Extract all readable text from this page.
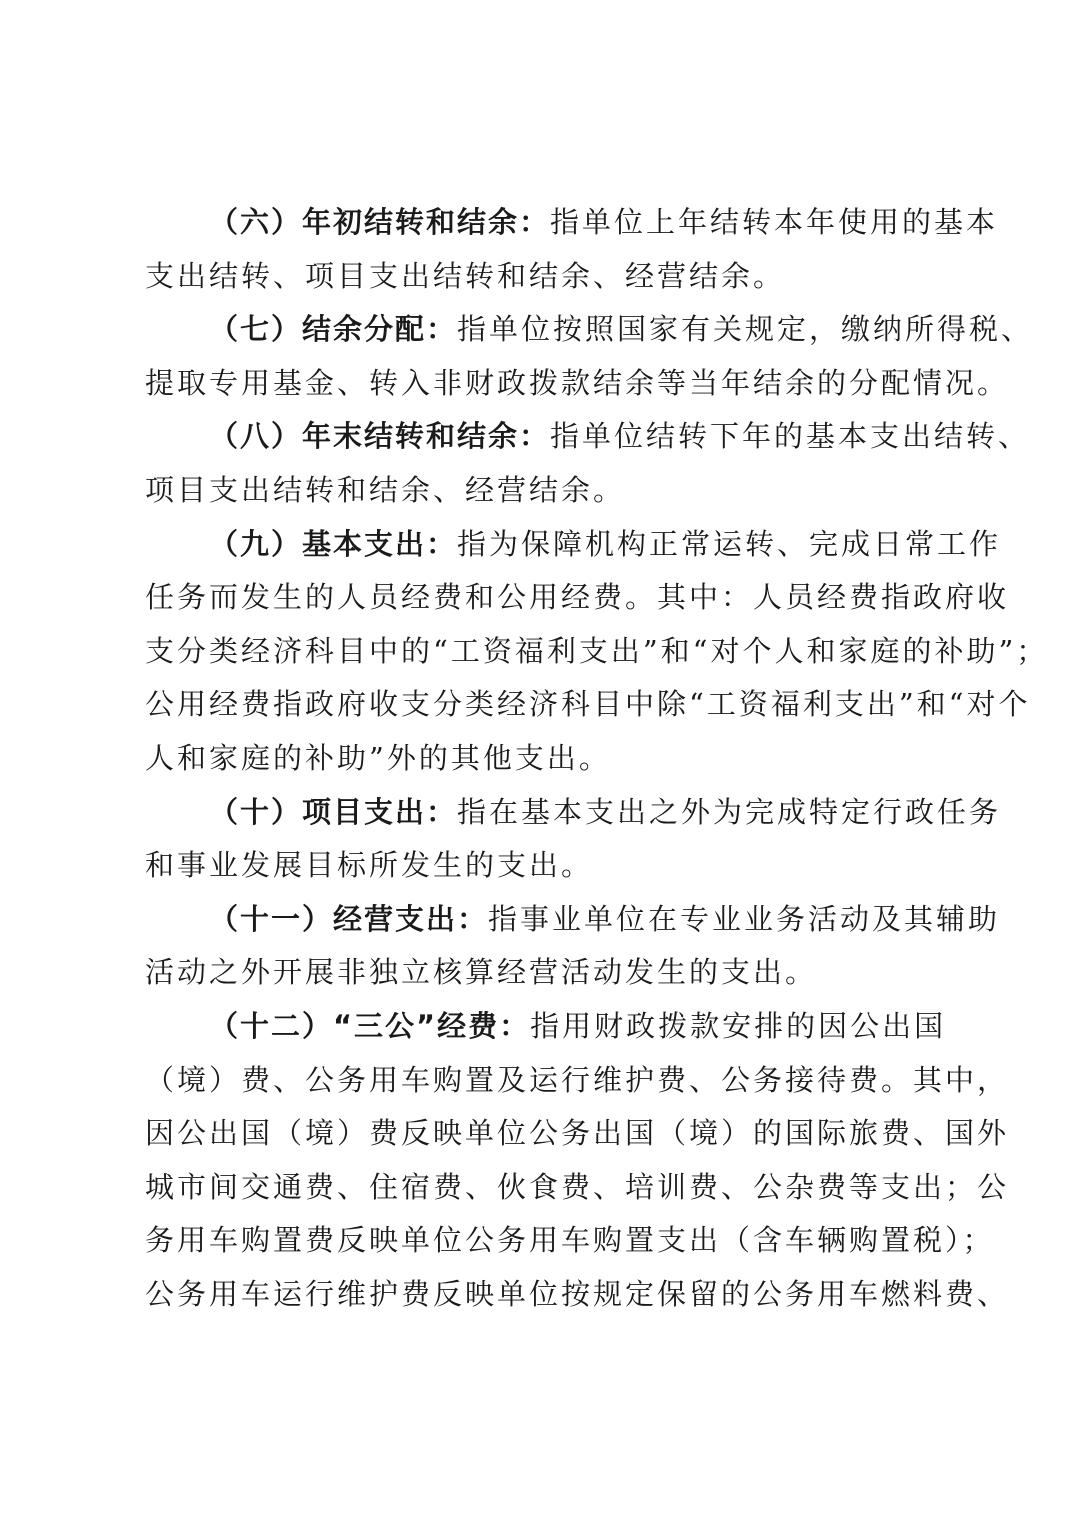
（六）年初结转和结余：指单位上年结转本年使用的基本
支出结转、项目支出结转和结余、经营结余。
（七）结余分配：指单位按照国家有关规定，缴纳所得税、
提取专用基金、转入非财政拨款结余等当年结余的分配情况。
（八）年末结转和结余：指单位结转下年的基本支出结转、
项目支出结转和结余、经营结余。
（九）基本支出：指为保障机构正常运转、完成日常工作
任务而发生的人员经费和公用经费。其中：人员经费指政府收
支分类经济科目中的“工资福利支出”和“对个人和家庭的补助”；
公用经费指政府收支分类经济科目中除“工资福利支出”和“对个
人和家庭的补助”外的其他支出。
（十）项目支出：指在基本支出之外为完成特定行政任务
和事业发展目标所发生的支出。
（十一）经营支出：指事业单位在专业业务活动及其辅助
活动之外开展非独立核算经营活动发生的支出。
（十二）“三公”经费：指用财政拨款安排的因公出国
（境）费、公务用车购置及运行维护费、公务接待费。其中，
因公出国（境）费反映单位公务出国（境）的国际旅费、国外
城市间交通费、住宿费、伙食费、培训费、公杂费等支出；公
务用车购置费反映单位公务用车购置支出（含车辆购置税）；
公务用车运行维护费反映单位按规定保留的公务用车燃料费、
